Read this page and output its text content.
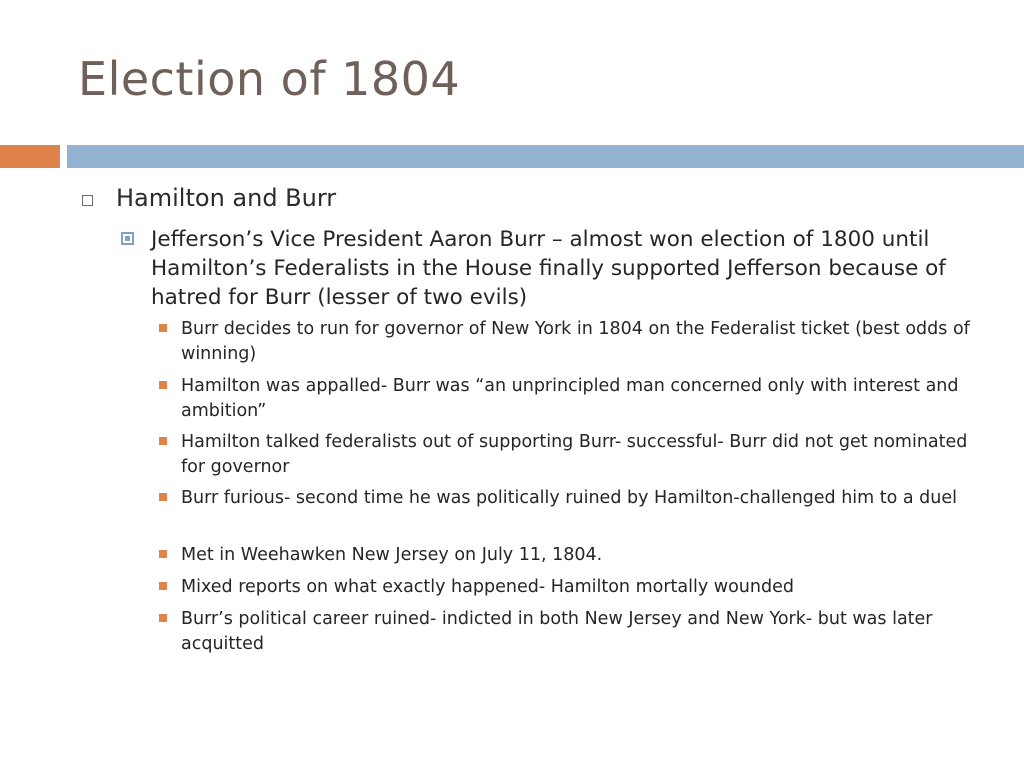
Election of 1804
Hamilton and Burr
Jefferson’s Vice President Aaron Burr – almost won election of 1800 until Hamilton’s Federalists in the House finally supported Jefferson because of hatred for Burr (lesser of two evils)
Burr decides to run for governor of New York in 1804 on the Federalist ticket (best odds of winning)
Hamilton was appalled- Burr was “an unprincipled man concerned only with interest and ambition”
Hamilton talked federalists out of supporting Burr- successful- Burr did not get nominated for governor
Burr furious- second time he was politically ruined by Hamilton-challenged him to a duel
Met in Weehawken New Jersey on July 11, 1804.
Mixed reports on what exactly happened- Hamilton mortally wounded
Burr’s political career ruined- indicted in both New Jersey and New York- but was later acquitted
